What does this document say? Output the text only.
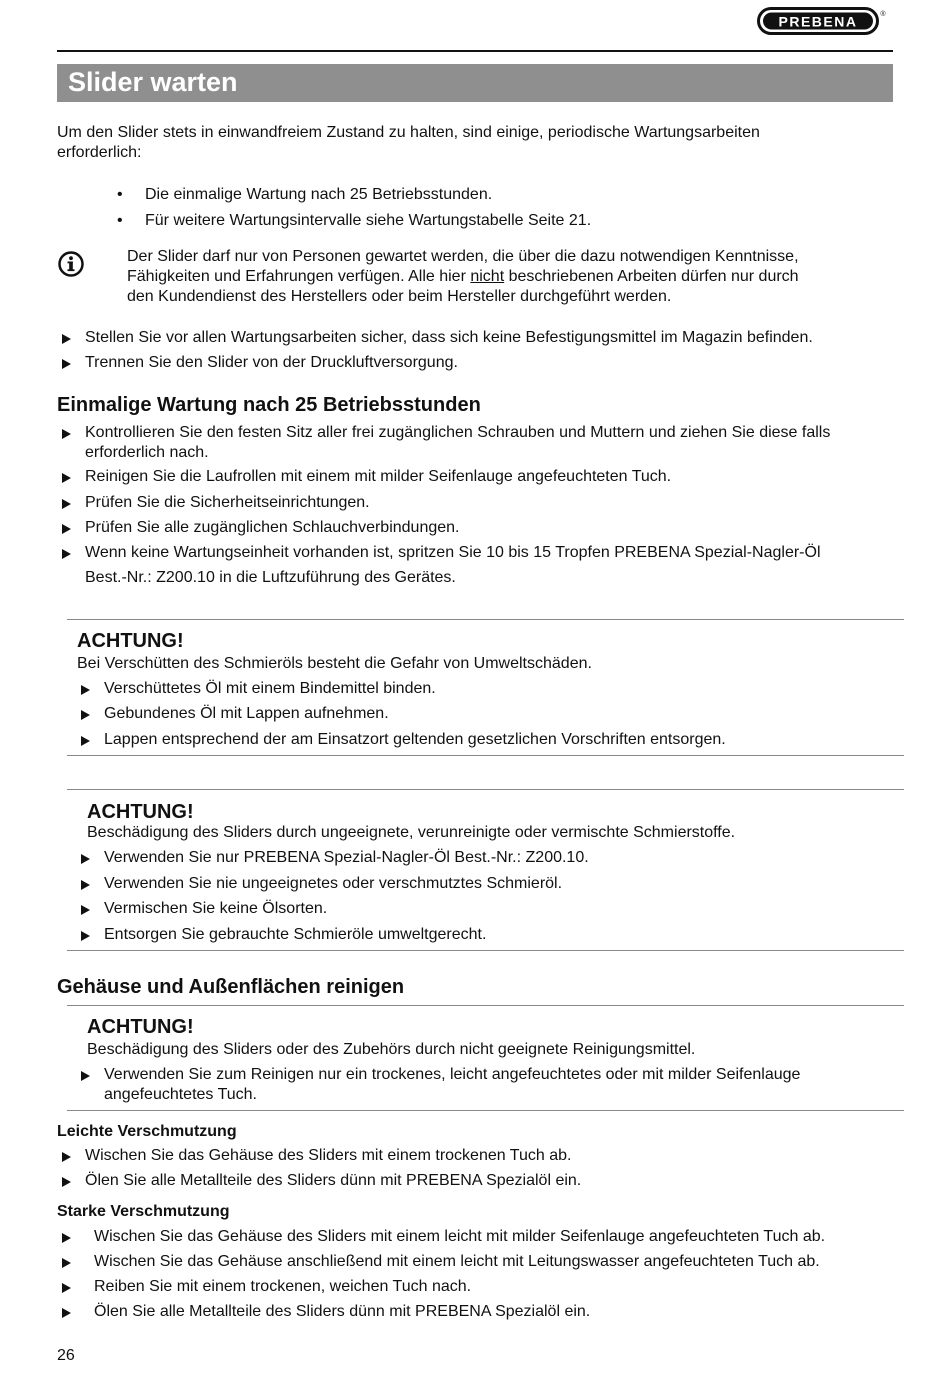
PREBENA	®
Slider warten
Um den Slider stets in einwandfreiem Zustand zu halten, sind einige, periodische Wartungsarbeiten
erforderlich:
• Die einmalige Wartung nach 25 Betriebsstunden.
• Für weitere Wartungsintervalle siehe Wartungstabelle Seite 21.
Der Slider darf nur von Personen gewartet werden, die über die dazu notwendigen Kenntnisse,
Fähigkeiten und Erfahrungen verfügen. Alle hier nicht beschriebenen Arbeiten dürfen nur durch
den Kundendienst des Herstellers oder beim Hersteller durchgeführt werden.
Stellen Sie vor allen Wartungsarbeiten sicher, dass sich keine Befestigungsmittel im Magazin befinden.
Trennen Sie den Slider von der Druckluftversorgung.
Einmalige Wartung nach 25 Betriebsstunden
Kontrollieren Sie den festen Sitz aller frei zugänglichen Schrauben und Muttern und ziehen Sie diese falls
erforderlich nach.
Reinigen Sie die Laufrollen mit einem mit milder Seifenlauge angefeuchteten Tuch.
Prüfen Sie die Sicherheitseinrichtungen.
Prüfen Sie alle zugänglichen Schlauchverbindungen.
Wenn keine Wartungseinheit vorhanden ist, spritzen Sie 10 bis 15 Tropfen PREBENA Spezial-Nagler-Öl
Best.-Nr.: Z200.10 in die Luftzuführung des Gerätes.
ACHTUNG!
Bei Verschütten des Schmieröls besteht die Gefahr von Umweltschäden.
Verschüttetes Öl mit einem Bindemittel binden.
Gebundenes Öl mit Lappen aufnehmen.
Lappen entsprechend der am Einsatzort geltenden gesetzlichen Vorschriften entsorgen.
ACHTUNG!
Beschädigung des Sliders durch ungeeignete, verunreinigte oder vermischte Schmierstoffe.
Verwenden Sie nur PREBENA Spezial-Nagler-Öl Best.-Nr.: Z200.10.
Verwenden Sie nie ungeeignetes oder verschmutztes Schmieröl.
Vermischen Sie keine Ölsorten.
Entsorgen Sie gebrauchte Schmieröle umweltgerecht.
Gehäuse und Außenflächen reinigen
ACHTUNG!
Beschädigung des Sliders oder des Zubehörs durch nicht geeignete Reinigungsmittel.
Verwenden Sie zum Reinigen nur ein trockenes, leicht angefeuchtetes oder mit milder Seifenlauge
angefeuchtetes Tuch.
Leichte Verschmutzung
Wischen Sie das Gehäuse des Sliders mit einem trockenen Tuch ab.
Ölen Sie alle Metallteile des Sliders dünn mit PREBENA Spezialöl ein.
Starke Verschmutzung
Wischen Sie das Gehäuse des Sliders mit einem leicht mit milder Seifenlauge angefeuchteten Tuch ab.
Wischen Sie das Gehäuse anschließend mit einem leicht mit Leitungswasser angefeuchteten Tuch ab.
Reiben Sie mit einem trockenen, weichen Tuch nach.
Ölen Sie alle Metallteile des Sliders dünn mit PREBENA Spezialöl ein.
26
